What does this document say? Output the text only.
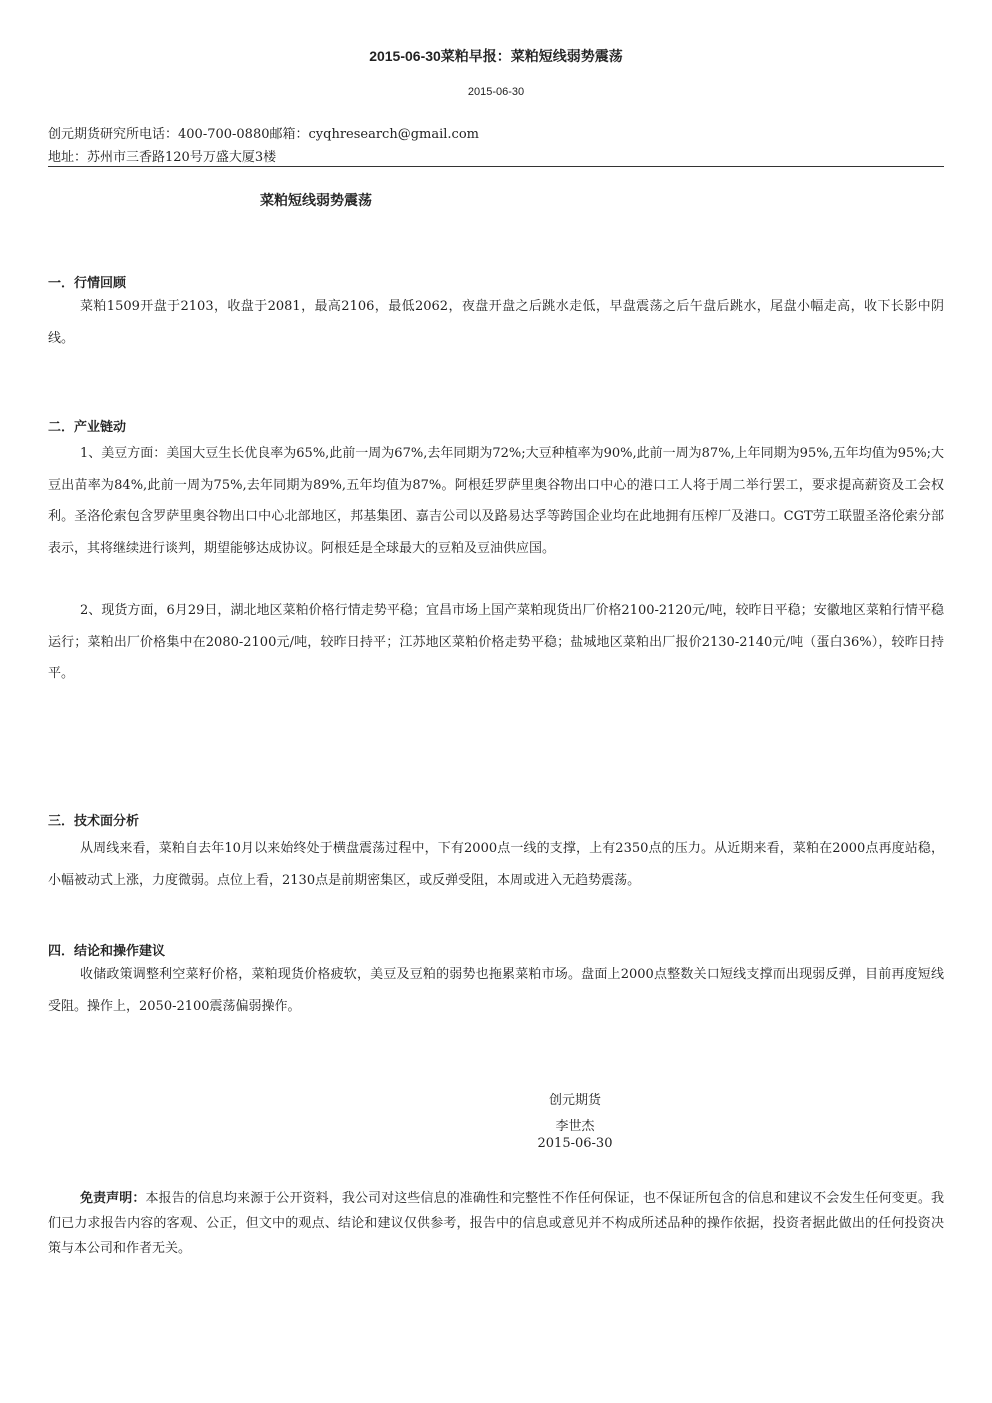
2015-06-30菜粕早报：菜粕短线弱势震荡
2015-06-30
创元期货研究所电话：400-700-0880邮箱：cyqhresearch@gmail.com
地址：苏州市三香路120号万盛大厦3楼
菜粕短线弱势震荡
一．行情回顾

菜粕1509开盘于2103，收盘于2081，最高2106，最低2062，夜盘开盘之后跳水走低，早盘震荡之后午盘后跳水，尾盘小幅走高，收下长影中阴线。

二．产业链动

1、美豆方面：美国大豆生长优良率为65%,此前一周为67%,去年同期为72%;大豆种植率为90%,此前一周为87%,上年同期为95%,五年均值为95%;大豆出苗率为84%,此前一周为75%,去年同期为89%,五年均值为87%。阿根廷罗萨里奥谷物出口中心的港口工人将于周二举行罢工，要求提高薪资及工会权利。圣洛伦索包含罗萨里奥谷物出口中心北部地区，邦基集团、嘉吉公司以及路易达孚等跨国企业均在此地拥有压榨厂及港口。CGT劳工联盟圣洛伦索分部表示，其将继续进行谈判，期望能够达成协议。阿根廷是全球最大的豆粕及豆油供应国。

2、现货方面，6月29日，湖北地区菜粕价格行情走势平稳；宜昌市场上国产菜粕现货出厂价格2100-2120元/吨，较昨日平稳；安徽地区菜粕行情平稳运行；菜粕出厂价格集中在2080-2100元/吨，较昨日持平；江苏地区菜粕价格走势平稳；盐城地区菜粕出厂报价2130-2140元/吨（蛋白36%），较昨日持平。

三．技术面分析

从周线来看，菜粕自去年10月以来始终处于横盘震荡过程中，下有2000点一线的支撑，上有2350点的压力。从近期来看，菜粕在2000点再度站稳，小幅被动式上涨，力度微弱。点位上看，2130点是前期密集区，或反弹受阻，本周或进入无趋势震荡。

四．结论和操作建议

收储政策调整利空菜籽价格，菜粕现货价格疲软，美豆及豆粕的弱势也拖累菜粕市场。盘面上2000点整数关口短线支撑而出现弱反弹，目前再度短线受阻。操作上，2050-2100震荡偏弱操作。

创元期货
李世杰
2015-06-30

免责声明：本报告的信息均来源于公开资料，我公司对这些信息的准确性和完整性不作任何保证，也不保证所包含的信息和建议不会发生任何变更。我们已力求报告内容的客观、公正，但文中的观点、结论和建议仅供参考，报告中的信息或意见并不构成所述品种的操作依据，投资者据此做出的任何投资决策与本公司和作者无关。
